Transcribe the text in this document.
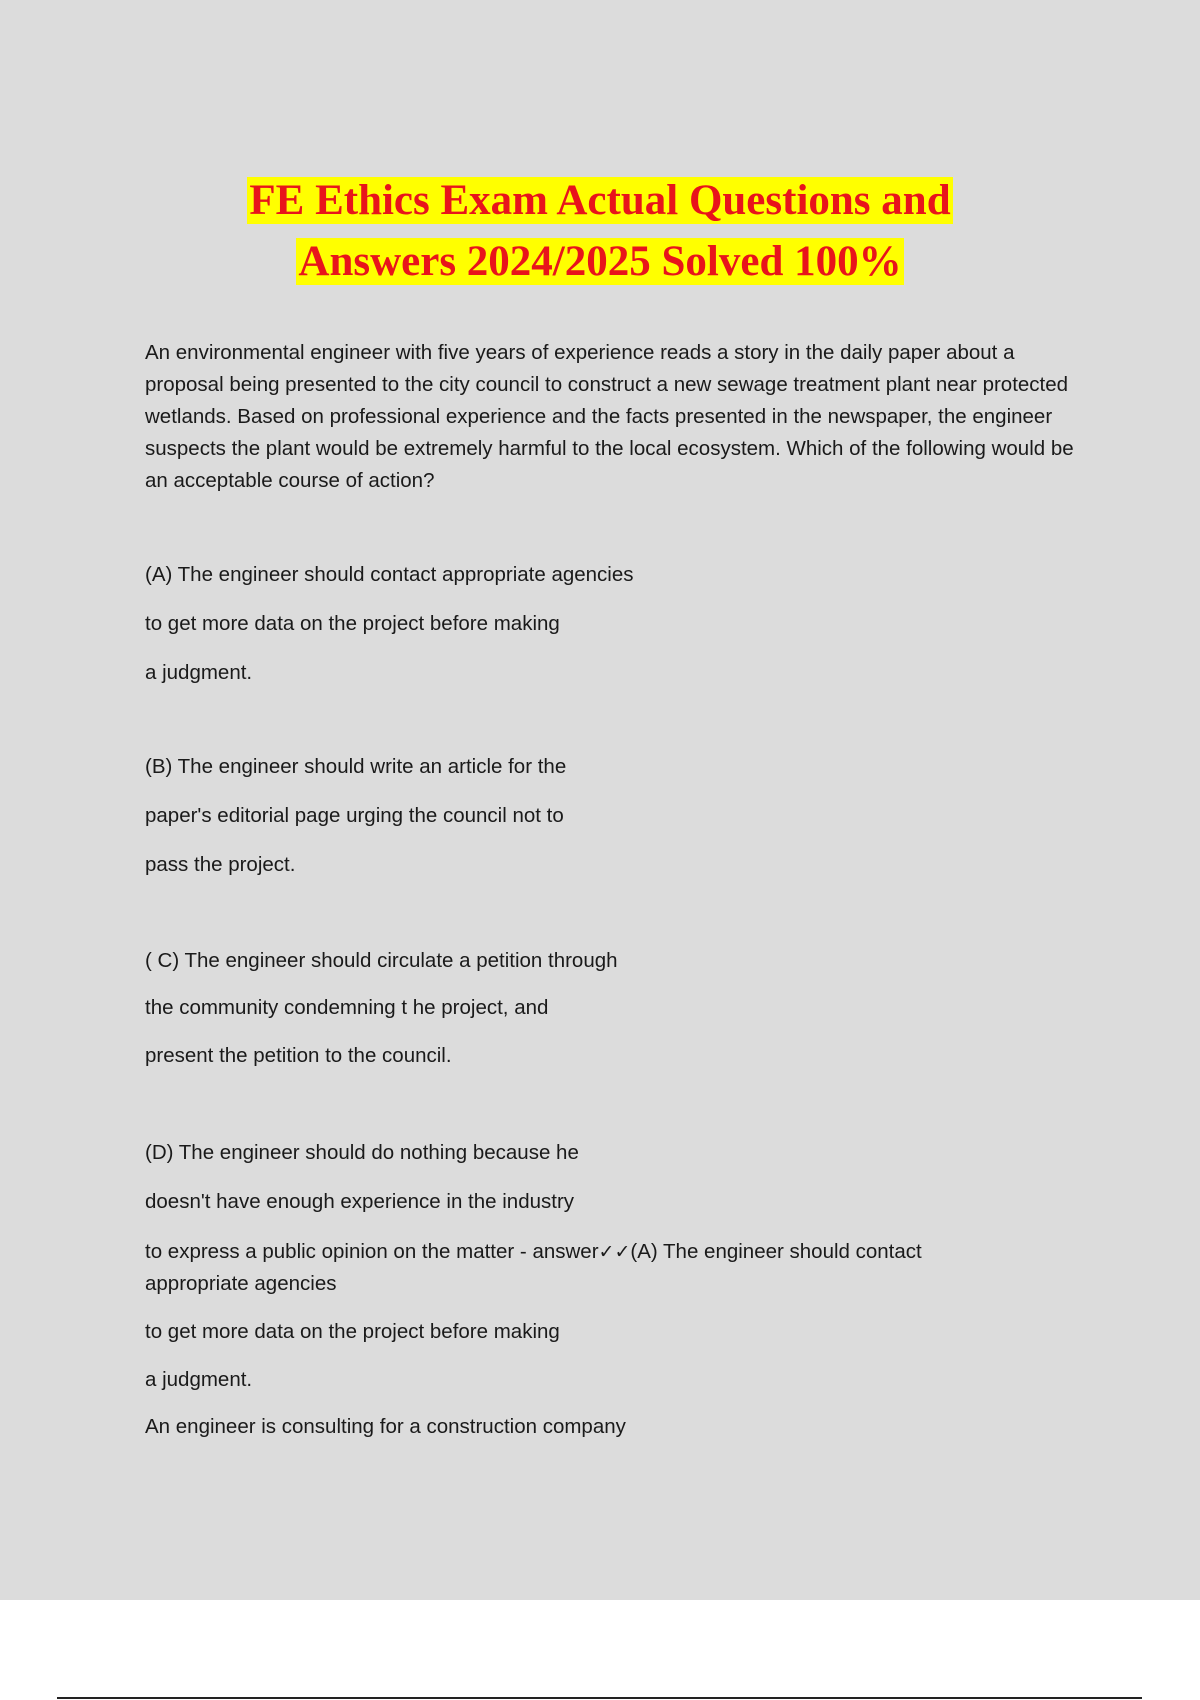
FE Ethics Exam Actual Questions and
Answers 2024/2025 Solved 100%

An environmental engineer with five years of experience reads a story in the daily paper about a proposal being presented to the city council to construct a new sewage treatment plant near protected wetlands. Based on professional experience and the facts presented in the newspaper, the engineer suspects the plant would be extremely harmful to the local ecosystem. Which of the following would be an acceptable course of action?

(A) The engineer should contact appropriate agencies

to get more data on the project before making

a judgment.

(B) The engineer should write an article for the

paper's editorial page urging the council not to

pass the project.

( C) The engineer should circulate a petition through

the community condemning t he project, and

present the petition to the council.

(D) The engineer should do nothing because he

doesn't have enough experience in the industry

to express a public opinion on the matter - answer✓✓(A) The engineer should contact

appropriate agencies

to get more data on the project before making

a judgment.

An engineer is consulting for a construction company
